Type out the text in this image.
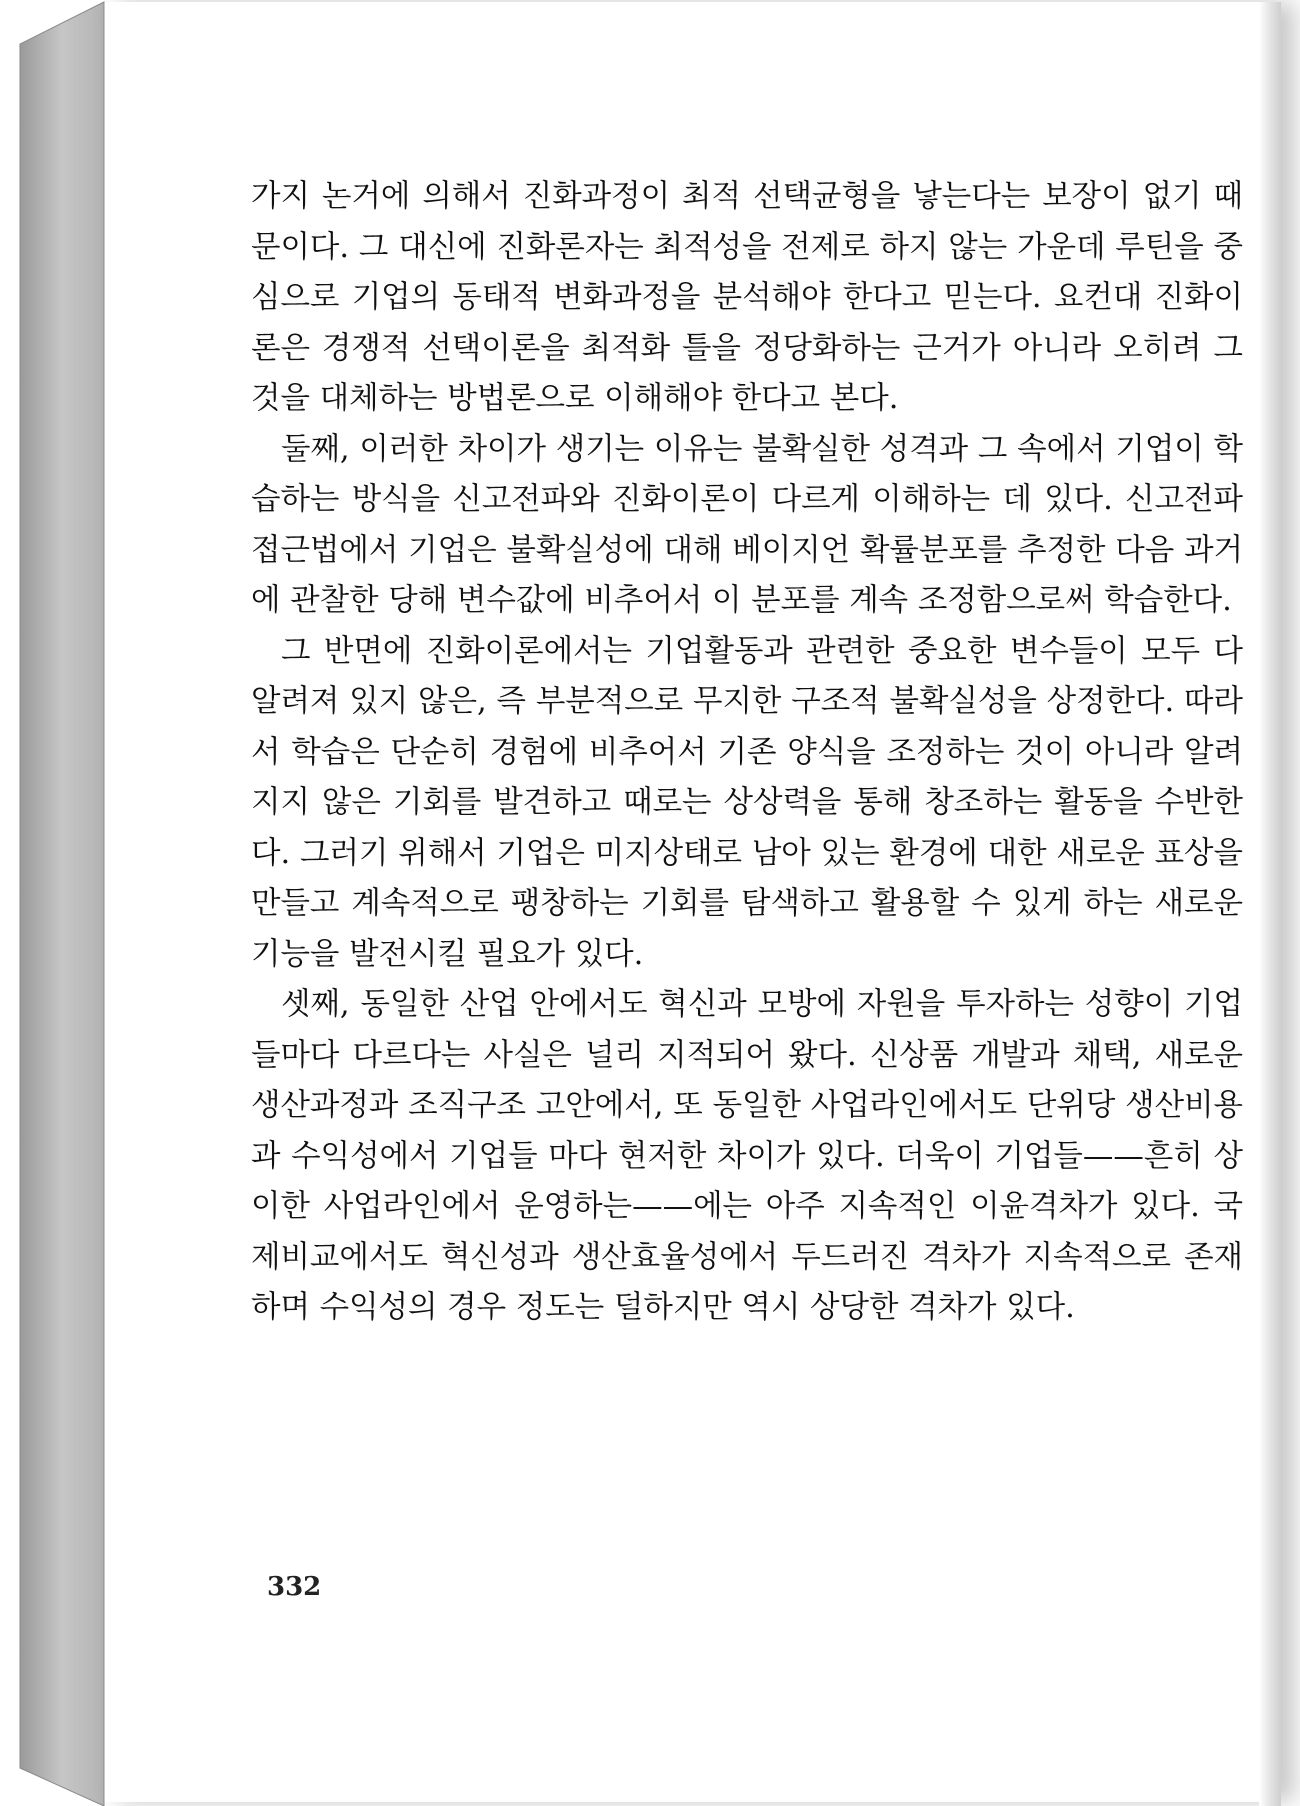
가지 논거에 의해서 진화과정이 최적 선택균형을 낳는다는 보장이 없기 때문이다. 그 대신에 진화론자는 최적성을 전제로 하지 않는 가운데 루틴을 중심으로 기업의 동태적 변화과정을 분석해야 한다고 믿는다. 요컨대 진화이론은 경쟁적 선택이론을 최적화 틀을 정당화하는 근거가 아니라 오히려 그것을 대체하는 방법론으로 이해해야 한다고 본다.

둘째, 이러한 차이가 생기는 이유는 불확실한 성격과 그 속에서 기업이 학습하는 방식을 신고전파와 진화이론이 다르게 이해하는 데 있다. 신고전파 접근법에서 기업은 불확실성에 대해 베이지언 확률분포를 추정한 다음 과거에 관찰한 당해 변수값에 비추어서 이 분포를 계속 조정함으로써 학습한다.

그 반면에 진화이론에서는 기업활동과 관련한 중요한 변수들이 모두 다 알려져 있지 않은, 즉 부분적으로 무지한 구조적 불확실성을 상정한다. 따라서 학습은 단순히 경험에 비추어서 기존 양식을 조정하는 것이 아니라 알려지지 않은 기회를 발견하고 때로는 상상력을 통해 창조하는 활동을 수반한다. 그러기 위해서 기업은 미지상태로 남아 있는 환경에 대한 새로운 표상을 만들고 계속적으로 팽창하는 기회를 탐색하고 활용할 수 있게 하는 새로운 기능을 발전시킬 필요가 있다.

셋째, 동일한 산업 안에서도 혁신과 모방에 자원을 투자하는 성향이 기업들마다 다르다는 사실은 널리 지적되어 왔다. 신상품 개발과 채택, 새로운 생산과정과 조직구조 고안에서, 또 동일한 사업라인에서도 단위당 생산비용과 수익성에서 기업들 마다 현저한 차이가 있다. 더욱이 기업들——흔히 상이한 사업라인에서 운영하는——에는 아주 지속적인 이윤격차가 있다. 국제비교에서도 혁신성과 생산효율성에서 두드러진 격차가 지속적으로 존재하며 수익성의 경우 정도는 덜하지만 역시 상당한 격차가 있다.

332
